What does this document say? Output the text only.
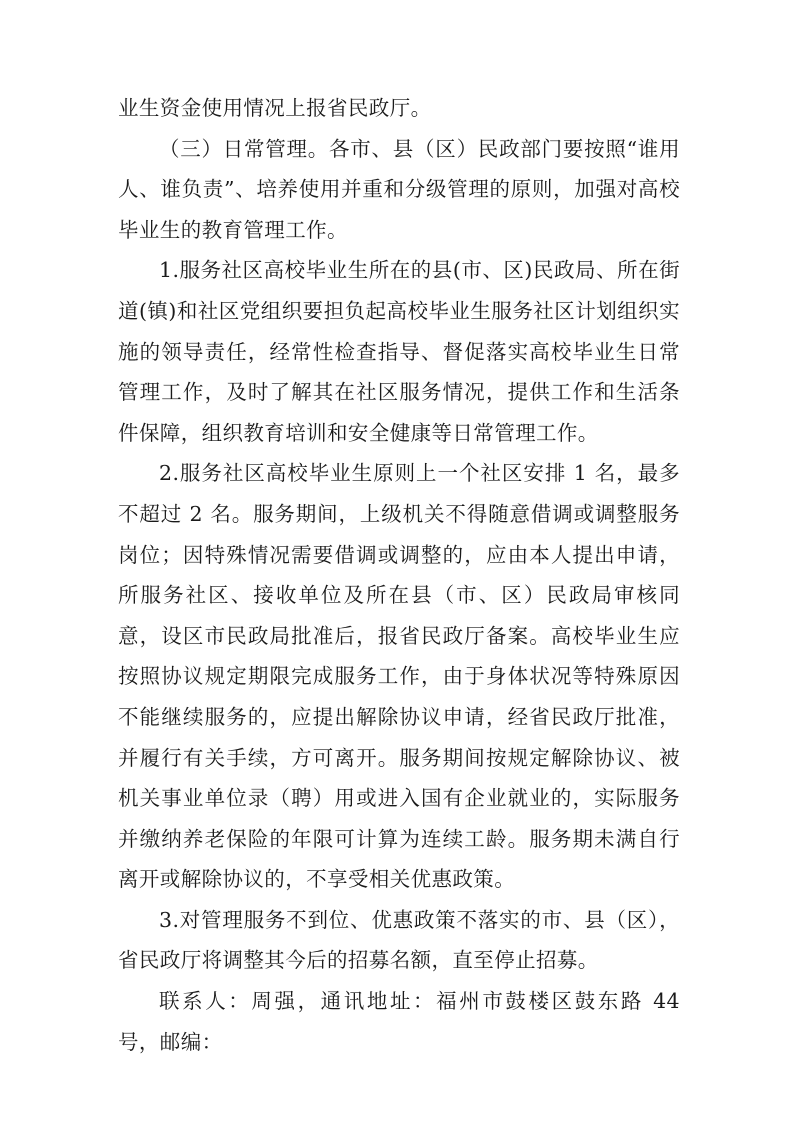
业生资金使用情况上报省民政厅。

（三）日常管理。各市、县（区）民政部门要按照“谁用人、谁负责”、培养使用并重和分级管理的原则，加强对高校毕业生的教育管理工作。

1.服务社区高校毕业生所在的县(市、区)民政局、所在街道(镇)和社区党组织要担负起高校毕业生服务社区计划组织实施的领导责任，经常性检查指导、督促落实高校毕业生日常管理工作，及时了解其在社区服务情况，提供工作和生活条件保障，组织教育培训和安全健康等日常管理工作。

2.服务社区高校毕业生原则上一个社区安排 1 名，最多不超过 2 名。服务期间，上级机关不得随意借调或调整服务岗位；因特殊情况需要借调或调整的，应由本人提出申请，所服务社区、接收单位及所在县（市、区）民政局审核同意，设区市民政局批准后，报省民政厅备案。高校毕业生应按照协议规定期限完成服务工作，由于身体状况等特殊原因不能继续服务的，应提出解除协议申请，经省民政厅批准，并履行有关手续，方可离开。服务期间按规定解除协议、被机关事业单位录（聘）用或进入国有企业就业的，实际服务并缴纳养老保险的年限可计算为连续工龄。服务期未满自行离开或解除协议的，不享受相关优惠政策。

3.对管理服务不到位、优惠政策不落实的市、县（区），省民政厅将调整其今后的招募名额，直至停止招募。

联系人：周强，通讯地址：福州市鼓楼区鼓东路 44 号，邮编：
